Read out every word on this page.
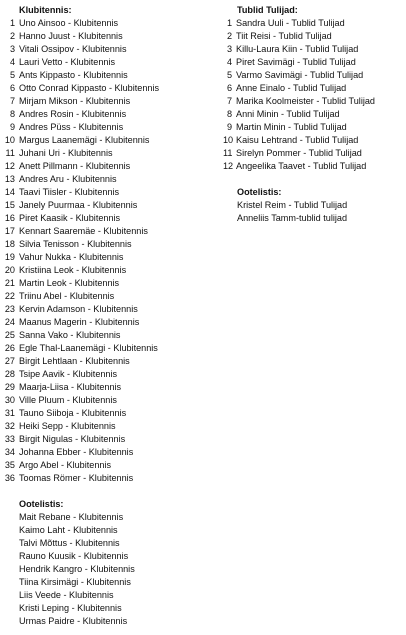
Klubitennis:
1 Uno Ainsoo - Klubitennis
2 Hanno Juust - Klubitennis
3 Vitali Ossipov - Klubitennis
4 Lauri Vetto - Klubitennis
5 Ants Kippasto - Klubitennis
6 Otto Conrad Kippasto - Klubitennis
7 Mirjam Mikson - Klubitennis
8 Andres Rosin - Klubitennis
9 Andres Püss - Klubitennis
10 Margus Laanemägi - Klubitennis
11 Juhani Uri - Klubitennis
12 Anett Pillmann - Klubitennis
13 Andres Aru - Klubitennis
14 Taavi Tiisler - Klubitennis
15 Janely Puurmaa - Klubitennis
16 Piret Kaasik - Klubitennis
17 Kennart Saaremäe - Klubitennis
18 Silvia Tenisson - Klubitennis
19 Vahur Nukka - Klubitennis
20 Kristiina Leok - Klubitennis
21 Martin Leok - Klubitennis
22 Triinu Abel - Klubitennis
23 Kervin Adamson - Klubitennis
24 Maanus Magerin - Klubitennis
25 Sanna Vako - Klubitennis
26 Egle Thal-Laanemägi - Klubitennis
27 Birgit Lehtlaan - Klubitennis
28 Tsipe Aavik - Klubitennis
29 Maarja-Liisa - Klubitennis
30 Ville Pluum - Klubitennis
31 Tauno Siiboja - Klubitennis
32 Heiki Sepp - Klubitennis
33 Birgit Nigulas - Klubitennis
34 Johanna Ebber - Klubitennis
35 Argo Abel - Klubitennis
36 Toomas Römer - Klubitennis
Ootelistis:
Mait Rebane - Klubitennis
Kaimo Laht - Klubitennis
Talvi Mõttus - Klubitennis
Rauno Kuusik - Klubitennis
Hendrik Kangro - Klubitennis
Tiina Kirsimägi - Klubitennis
Liis Veede - Klubitennis
Kristi Leping - Klubitennis
Urmas Paidre - Klubitennis
Tublid Tulijad:
1 Sandra Uuli - Tublid Tulijad
2 Tiit Reisi - Tublid Tulijad
3 Killu-Laura Kiin - Tublid Tulijad
4 Piret Savimägi - Tublid Tulijad
5 Varmo Savimägi - Tublid Tulijad
6 Anne Einalo - Tublid Tulijad
7 Marika Koolmeister - Tublid Tulijad
8 Anni Minin - Tublid Tulijad
9 Martin Minin - Tublid Tulijad
10 Kaisu Lehtrand - Tublid Tulijad
11 Sirelyn Pommer - Tublid Tulijad
12 Angeelika Taavet - Tublid Tulijad
Ootelistis:
Kristel Reim - Tublid Tulijad
Anneliis Tamm-tublid tulijad
